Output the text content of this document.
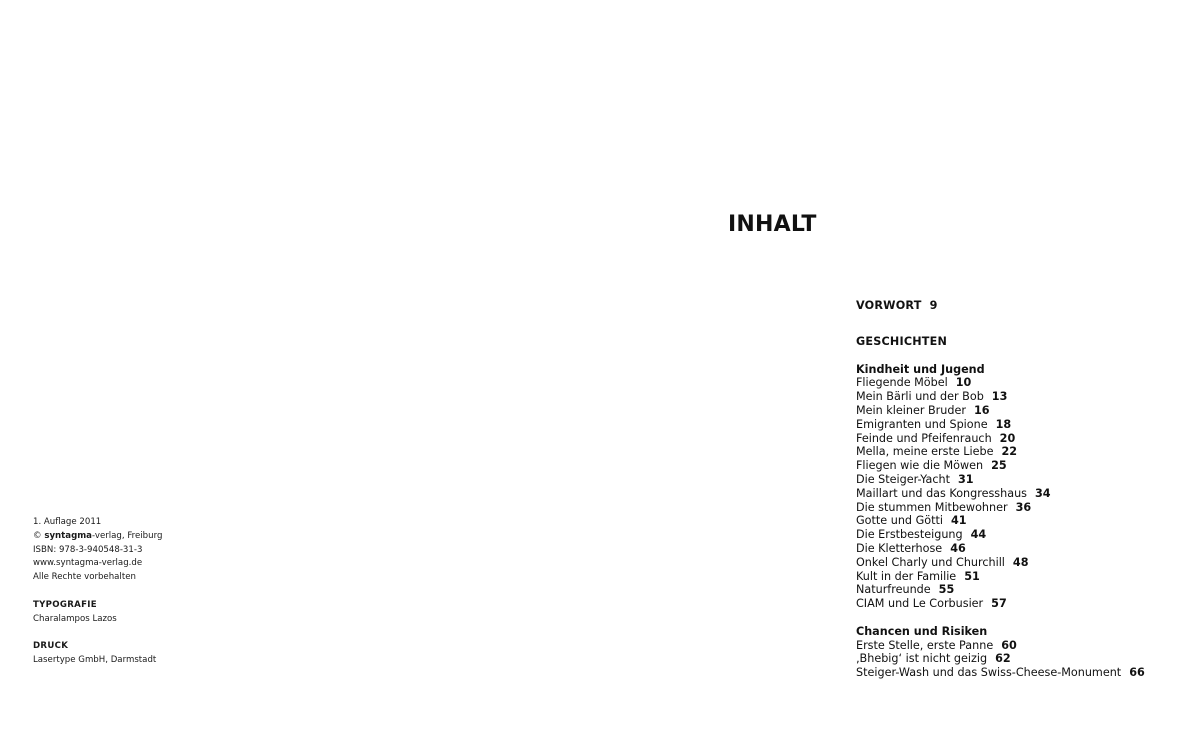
1. Auflage 2011
© syntagma-verlag, Freiburg
ISBN: 978-3-940548-31-3
www.syntagma-verlag.de
Alle Rechte vorbehalten
TYPOGRAFIE
Charalampos Lazos
DRUCK
Lasertype GmbH, Darmstadt
INHALT
VORWORT 9
GESCHICHTEN
Kindheit und Jugend
Fliegende Möbel 10
Mein Bärli und der Bob 13
Mein kleiner Bruder 16
Emigranten und Spione 18
Feinde und Pfeifenrauch 20
Mella, meine erste Liebe 22
Fliegen wie die Möwen 25
Die Steiger-Yacht 31
Maillart und das Kongresshaus 34
Die stummen Mitbewohner 36
Gotte und Götti 41
Die Erstbesteigung 44
Die Kletterhose 46
Onkel Charly und Churchill 48
Kult in der Familie 51
Naturfreunde 55
CIAM und Le Corbusier 57
Chancen und Risiken
Erste Stelle, erste Panne 60
‚Bhebig‘ ist nicht geizig 62
Steiger-Wash und das Swiss-Cheese-Monument 66
